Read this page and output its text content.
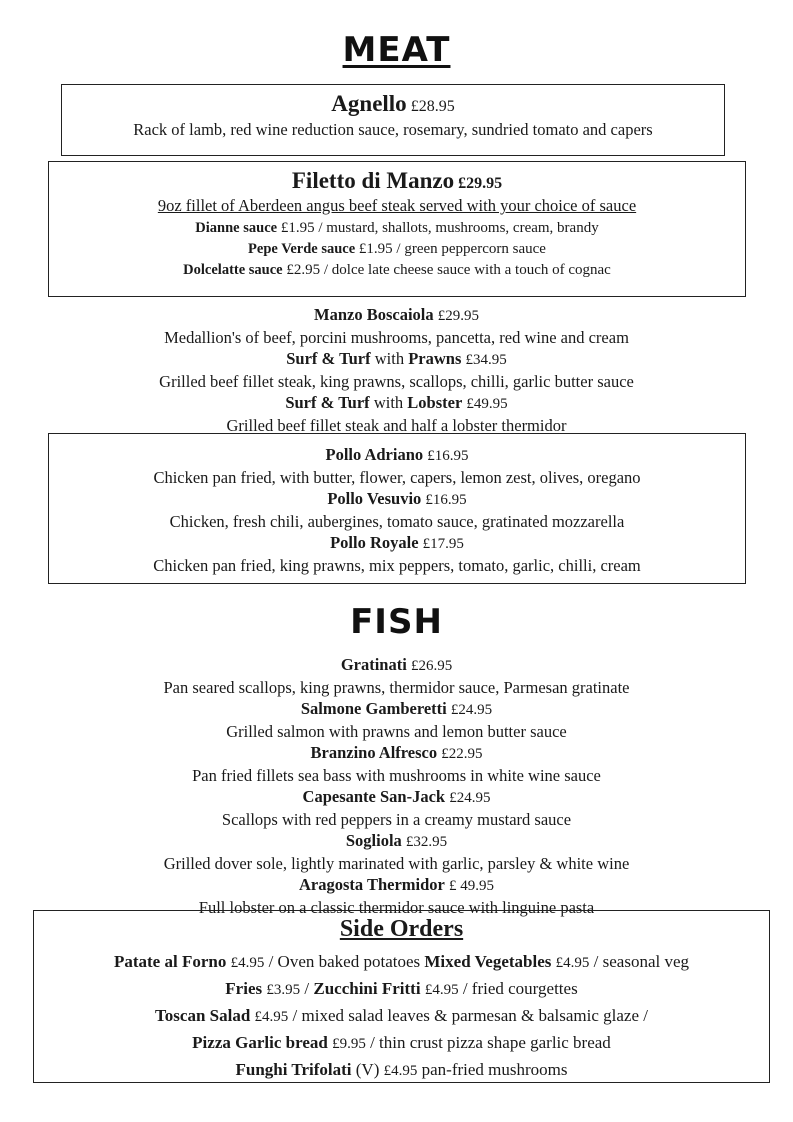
MEAT
Agnello £28.95
Rack of lamb, red wine reduction sauce, rosemary, sundried tomato and capers
Filetto di Manzo £29.95
9oz fillet of Aberdeen angus beef steak served with your choice of sauce
Dianne sauce £1.95 / mustard, shallots, mushrooms, cream, brandy
Pepe Verde sauce £1.95 / green peppercorn sauce
Dolcelatte sauce £2.95 / dolce late cheese sauce with a touch of cognac
Manzo Boscaiola £29.95
Medallion's of beef, porcini mushrooms, pancetta, red wine and cream
Surf & Turf with Prawns £34.95
Grilled beef fillet steak, king prawns, scallops, chilli, garlic butter sauce
Surf & Turf with Lobster £49.95
Grilled beef fillet steak and half a lobster thermidor
Pollo Adriano £16.95
Chicken pan fried, with butter, flower, capers, lemon zest, olives, oregano
Pollo Vesuvio £16.95
Chicken, fresh chili, aubergines, tomato sauce, gratinated mozzarella
Pollo Royale £17.95
Chicken pan fried, king prawns, mix peppers, tomato, garlic, chilli, cream
FISH
Gratinati £26.95
Pan seared scallops, king prawns, thermidor sauce, Parmesan gratinate
Salmone Gamberetti £24.95
Grilled salmon with prawns and lemon butter sauce
Branzino Alfresco £22.95
Pan fried fillets sea bass with mushrooms in white wine sauce
Capesante San-Jack £24.95
Scallops with red peppers in a creamy mustard sauce
Sogliola £32.95
Grilled dover sole, lightly marinated with garlic, parsley & white wine
Aragosta Thermidor £ 49.95
Full lobster on a classic thermidor sauce with linguine pasta
Side Orders
Patate al Forno £4.95 / Oven baked potatoes Mixed Vegetables £4.95 / seasonal veg
Fries £3.95 / Zucchini Fritti £4.95 / fried courgettes
Toscan Salad £4.95 / mixed salad leaves & parmesan & balsamic glaze /
Pizza Garlic bread £9.95 / thin crust pizza shape garlic bread
Funghi Trifolati (V) £4.95 pan-fried mushrooms
